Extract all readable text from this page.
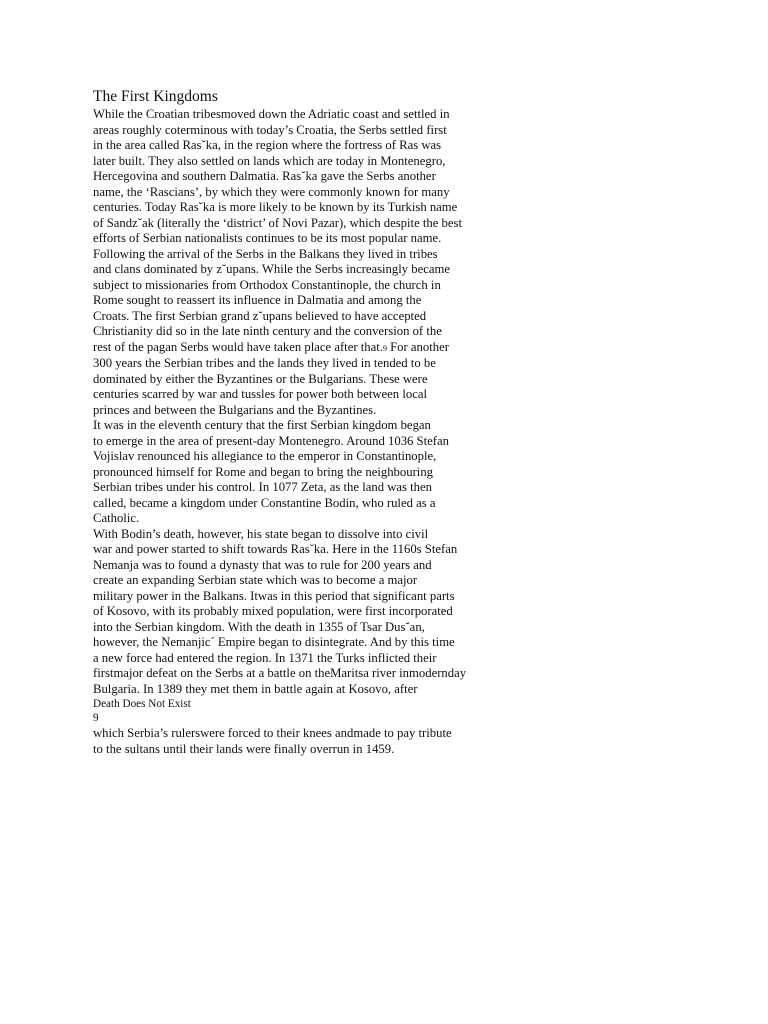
The First Kingdoms

While the Croatian tribesmoved down the Adriatic coast and settled in

areas roughly coterminous with today’s Croatia, the Serbs settled first

in the area called Ras˘ka, in the region where the fortress of Ras was

later built. They also settled on lands which are today in Montenegro,

Hercegovina and southern Dalmatia. Ras˘ka gave the Serbs another

name, the ‘Rascians’, by which they were commonly known for many

centuries. Today Ras˘ka is more likely to be known by its Turkish name

of Sandz˘ak (literally the ‘district’ of Novi Pazar), which despite the best

efforts of Serbian nationalists continues to be its most popular name.

Following the arrival of the Serbs in the Balkans they lived in tribes

and clans dominated by z˘upans. While the Serbs increasingly became

subject to missionaries from Orthodox Constantinople, the church in

Rome sought to reassert its influence in Dalmatia and among the

Croats. The first Serbian grand z˘upans believed to have accepted

Christianity did so in the late ninth century and the conversion of the

rest of the pagan Serbs would have taken place after that.9 For another

300 years the Serbian tribes and the lands they lived in tended to be

dominated by either the Byzantines or the Bulgarians. These were

centuries scarred by war and tussles for power both between local

princes and between the Bulgarians and the Byzantines.

It was in the eleventh century that the first Serbian kingdom began

to emerge in the area of present-day Montenegro. Around 1036 Stefan

Vojislav renounced his allegiance to the emperor in Constantinople,

pronounced himself for Rome and began to bring the neighbouring

Serbian tribes under his control. In 1077 Zeta, as the land was then

called, became a kingdom under Constantine Bodin, who ruled as a

Catholic.

With Bodin’s death, however, his state began to dissolve into civil

war and power started to shift towards Ras˘ka. Here in the 1160s Stefan

Nemanja was to found a dynasty that was to rule for 200 years and

create an expanding Serbian state which was to become a major

military power in the Balkans. Itwas in this period that significant parts

of Kosovo, with its probably mixed population, were first incorporated

into the Serbian kingdom. With the death in 1355 of Tsar Dus˘an,

however, the Nemanjic´ Empire began to disintegrate. And by this time

a new force had entered the region. In 1371 the Turks inflicted their

firstmajor defeat on the Serbs at a battle on theMaritsa river inmodernday

Bulgaria. In 1389 they met them in battle again at Kosovo, after

Death Does Not Exist

9

which Serbia’s rulerswere forced to their knees andmade to pay tribute

to the sultans until their lands were finally overrun in 1459.
